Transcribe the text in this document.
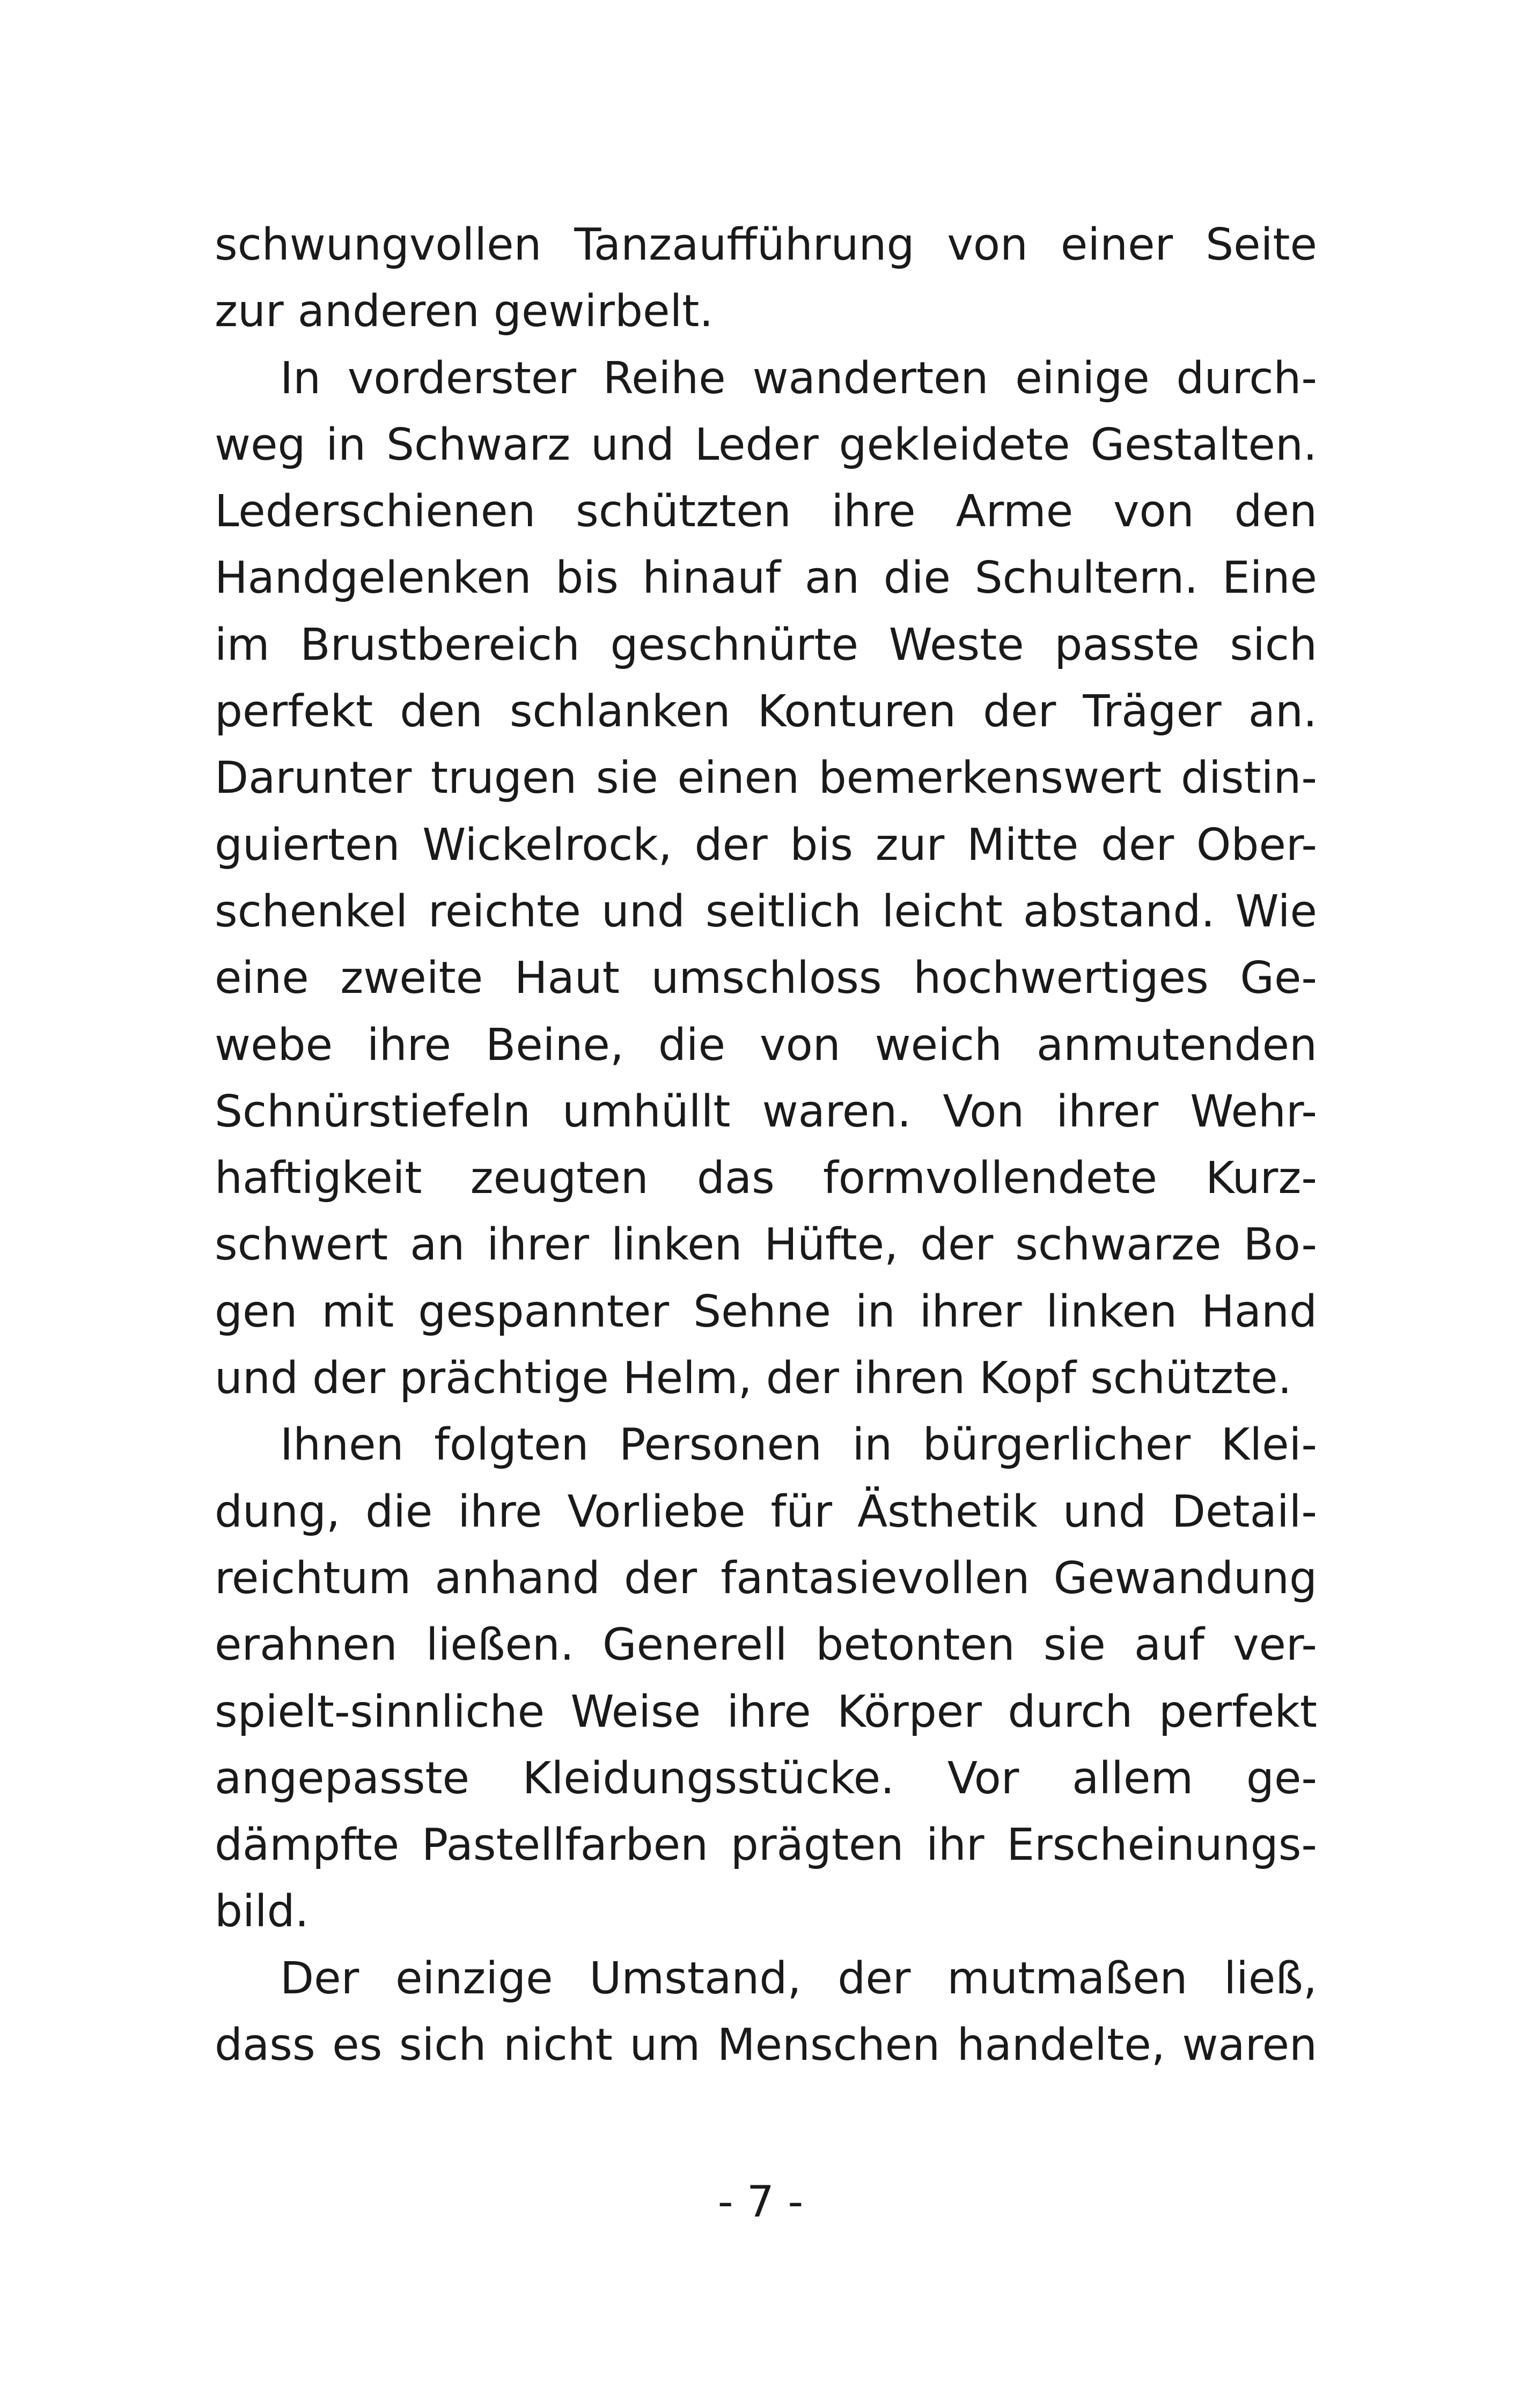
schwungvollen Tanzaufführung von einer Seite
zur anderen gewirbelt.
In vorderster Reihe wanderten einige durch-
weg in Schwarz und Leder gekleidete Gestalten.
Lederschienen schützten ihre Arme von den
Handgelenken bis hinauf an die Schultern. Eine
im Brustbereich geschnürte Weste passte sich
perfekt den schlanken Konturen der Träger an.
Darunter trugen sie einen bemerkenswert distin-
guierten Wickelrock, der bis zur Mitte der Ober-
schenkel reichte und seitlich leicht abstand. Wie
eine zweite Haut umschloss hochwertiges Ge-
webe ihre Beine, die von weich anmutenden
Schnürstiefeln umhüllt waren. Von ihrer Wehr-
haftigkeit zeugten das formvollendete Kurz-
schwert an ihrer linken Hüfte, der schwarze Bo-
gen mit gespannter Sehne in ihrer linken Hand
und der prächtige Helm, der ihren Kopf schützte.
Ihnen folgten Personen in bürgerlicher Klei-
dung, die ihre Vorliebe für Ästhetik und Detail-
reichtum anhand der fantasievollen Gewandung
erahnen ließen. Generell betonten sie auf ver-
spielt-sinnliche Weise ihre Körper durch perfekt
angepasste Kleidungsstücke. Vor allem ge-
dämpfte Pastellfarben prägten ihr Erscheinungs-
bild.
Der einzige Umstand, der mutmaßen ließ,
dass es sich nicht um Menschen handelte, waren
- 7 -
